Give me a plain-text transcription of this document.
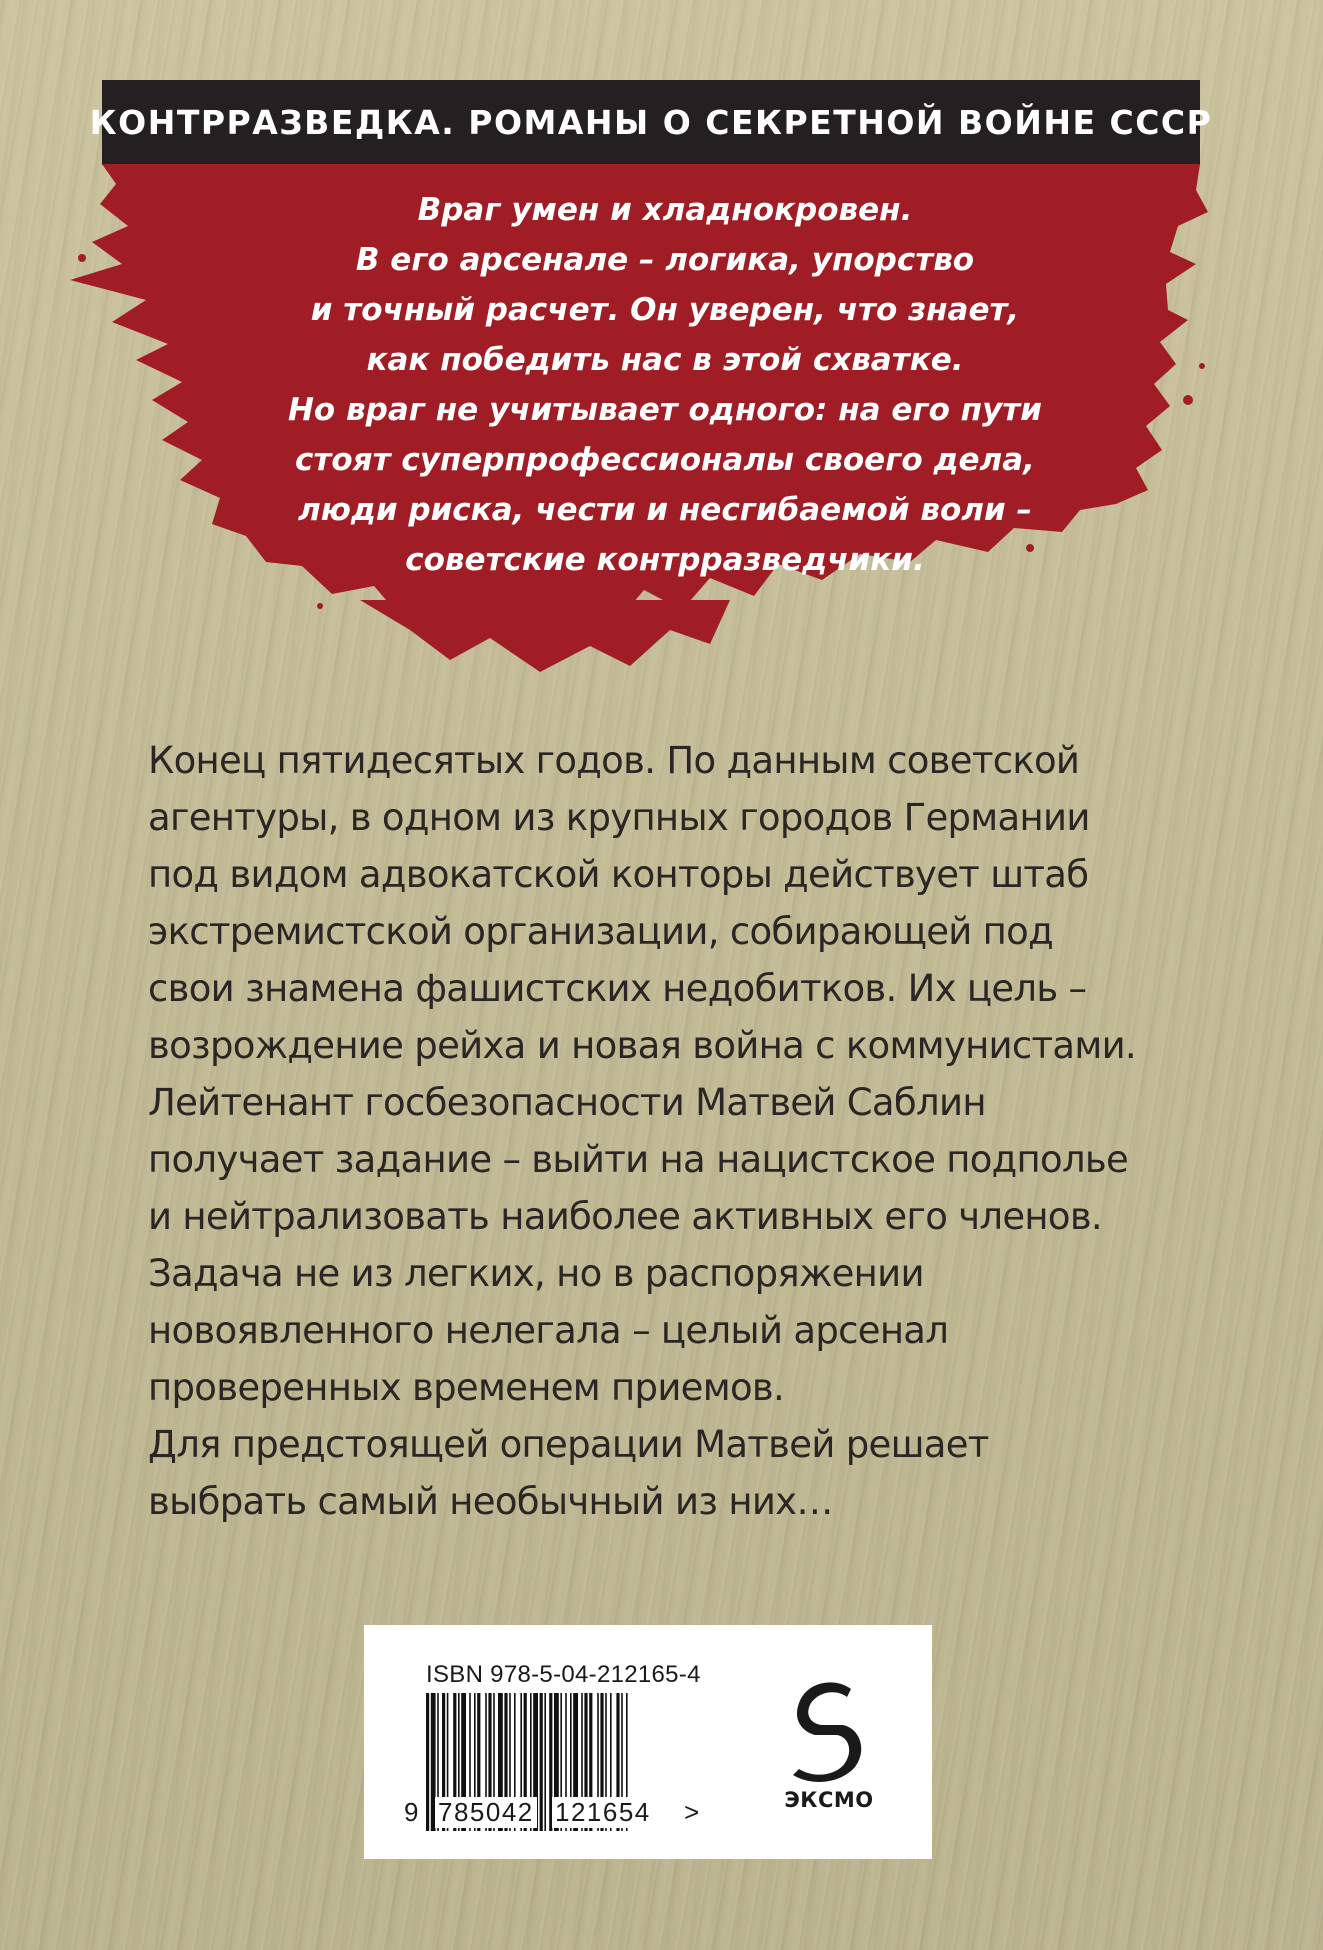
КОНТРРАЗВЕДКА. РОМАНЫ О СЕКРЕТНОЙ ВОЙНЕ СССР
Враг умен и хладнокровен.
В его арсенале – логика, упорство
и точный расчет. Он уверен, что знает,
как победить нас в этой схватке.
Но враг не учитывает одного: на его пути
стоят суперпрофессионалы своего дела,
люди риска, чести и несгибаемой воли –
советские контрразведчики.
Конец пятидесятых годов. По данным советской
агентуры, в одном из крупных городов Германии
под видом адвокатской конторы действует штаб
экстремистской организации, собирающей под
свои знамена фашистских недобитков. Их цель –
возрождение рейха и новая война с коммунистами.
Лейтенант госбезопасности Матвей Саблин
получает задание – выйти на нацистское подполье
и нейтрализовать наиболее активных его членов.
Задача не из легких, но в распоряжении
новоявленного нелегала – целый арсенал
проверенных временем приемов.
Для предстоящей операции Матвей решает
выбрать самый необычный из них…
ISBN 978-5-04-212165-4
9 785042 121654 >	ЭКСМО
